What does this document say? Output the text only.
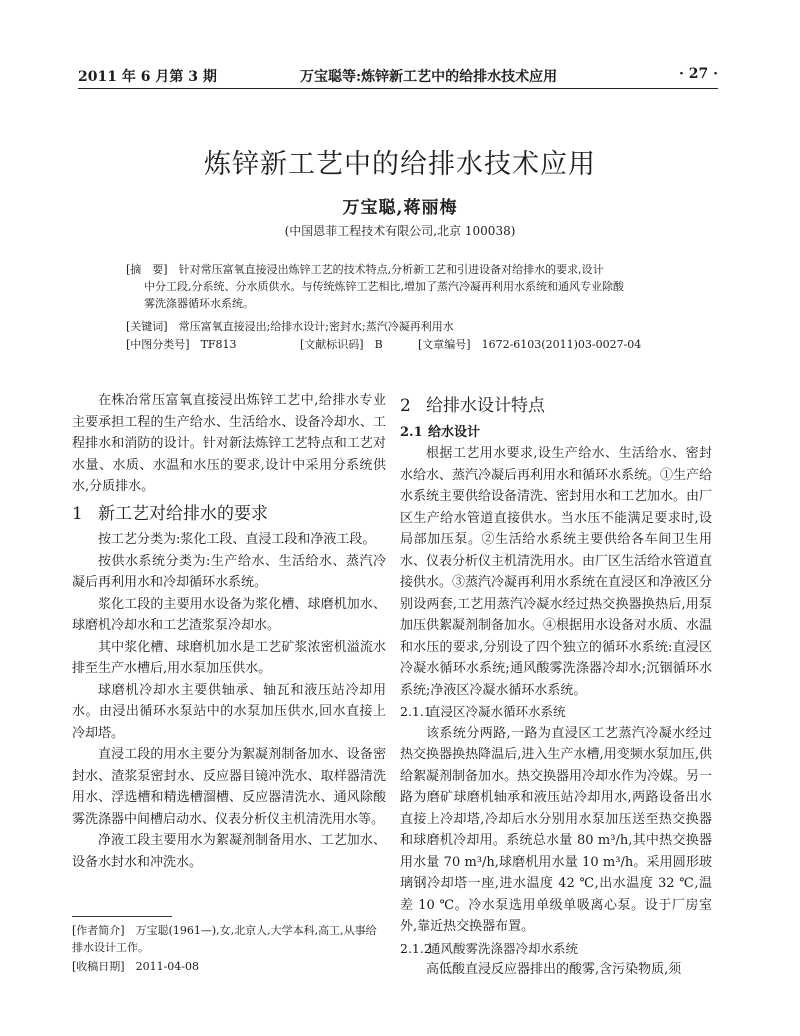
2011 年 6 月第 3 期	万宝聪等:炼锌新工艺中的给排水技术应用	· 27 ·
炼锌新工艺中的给排水技术应用
万宝聪,蒋丽梅
(中国恩菲工程技术有限公司,北京 100038)
[摘　要]　针对常压富氧直接浸出炼锌工艺的技术特点,分析新工艺和引进设备对给排水的要求,设计
中分工段,分系统、分水质供水。与传统炼锌工艺相比,增加了蒸汽冷凝再利用水系统和通风专业除酸
雾洗涤器循环水系统。
[关键词]　常压富氧直接浸出;给排水设计;密封水;蒸汽冷凝再利用水
[中图分类号]　TF813	[文献标识码]　B	[文章编号]　1672-6103(2011)03-0027-04

在株冶常压富氧直接浸出炼锌工艺中,给排水专业主要承担工程的生产给水、生活给水、设备冷却水、工程排水和消防的设计。针对新法炼锌工艺特点和工艺对水量、水质、水温和水压的要求,设计中采用分系统供水,分质排水。

1 新工艺对给排水的要求

按工艺分类为:浆化工段、直浸工段和净液工段。

按供水系统分类为:生产给水、生活给水、蒸汽冷凝后再利用水和冷却循环水系统。

浆化工段的主要用水设备为浆化槽、球磨机加水、球磨机冷却水和工艺渣浆泵冷却水。

其中浆化槽、球磨机加水是工艺矿浆浓密机溢流水排至生产水槽后,用水泵加压供水。

球磨机冷却水主要供轴承、轴瓦和液压站冷却用水。由浸出循环水泵站中的水泵加压供水,回水直接上冷却塔。

直浸工段的用水主要分为絮凝剂制备加水、设备密封水、渣浆泵密封水、反应器目镜冲洗水、取样器清洗用水、浮选槽和精选槽溜槽、反应器清洗水、通风除酸雾洗涤器中间槽启动水、仪表分析仪主机清洗用水等。

净液工段主要用水为絮凝剂制备用水、工艺加水、设备水封水和冲洗水。

2 给排水设计特点

2.1 给水设计

根据工艺用水要求,设生产给水、生活给水、密封水给水、蒸汽冷凝后再利用水和循环水系统。①生产给水系统主要供给设备清洗、密封用水和工艺加水。由厂区生产给水管道直接供水。当水压不能满足要求时,设局部加压泵。②生活给水系统主要供给各车间卫生用水、仪表分析仪主机清洗用水。由厂区生活给水管道直接供水。③蒸汽冷凝再利用水系统在直浸区和净液区分别设两套,工艺用蒸汽冷凝水经过热交换器换热后,用泵加压供絮凝剂制备加水。④根据用水设备对水质、水温和水压的要求,分别设了四个独立的循环水系统:直浸区冷凝水循环水系统;通风酸雾洗涤器冷却水;沉铟循环水系统;净液区冷凝水循环水系统。

2.1.1直浸区冷凝水循环水系统

该系统分两路,一路为直浸区工艺蒸汽冷凝水经过热交换器换热降温后,进入生产水槽,用变频水泵加压,供给絮凝剂制备加水。热交换器用冷却水作为冷媒。另一路为磨矿球磨机轴承和液压站冷却用水,两路设备出水直接上冷却塔,冷却后水分别用水泵加压送至热交换器和球磨机冷却用。系统总水量 80 m³/h,其中热交换器用水量 70 m³/h,球磨机用水量 10 m³/h。采用圆形玻璃钢冷却塔一座,进水温度 42 ℃,出水温度 32 ℃,温差 10 ℃。冷水泵选用单级单吸离心泵。设于厂房室外,靠近热交换器布置。

2.1.2通风酸雾洗涤器冷却水系统

高低酸直浸反应器排出的酸雾,含污染物质,须

[作者简介]　万宝聪(1961—),女,北京人,大学本科,高工,从事给排水设计工作。
[收稿日期]　2011-04-08
